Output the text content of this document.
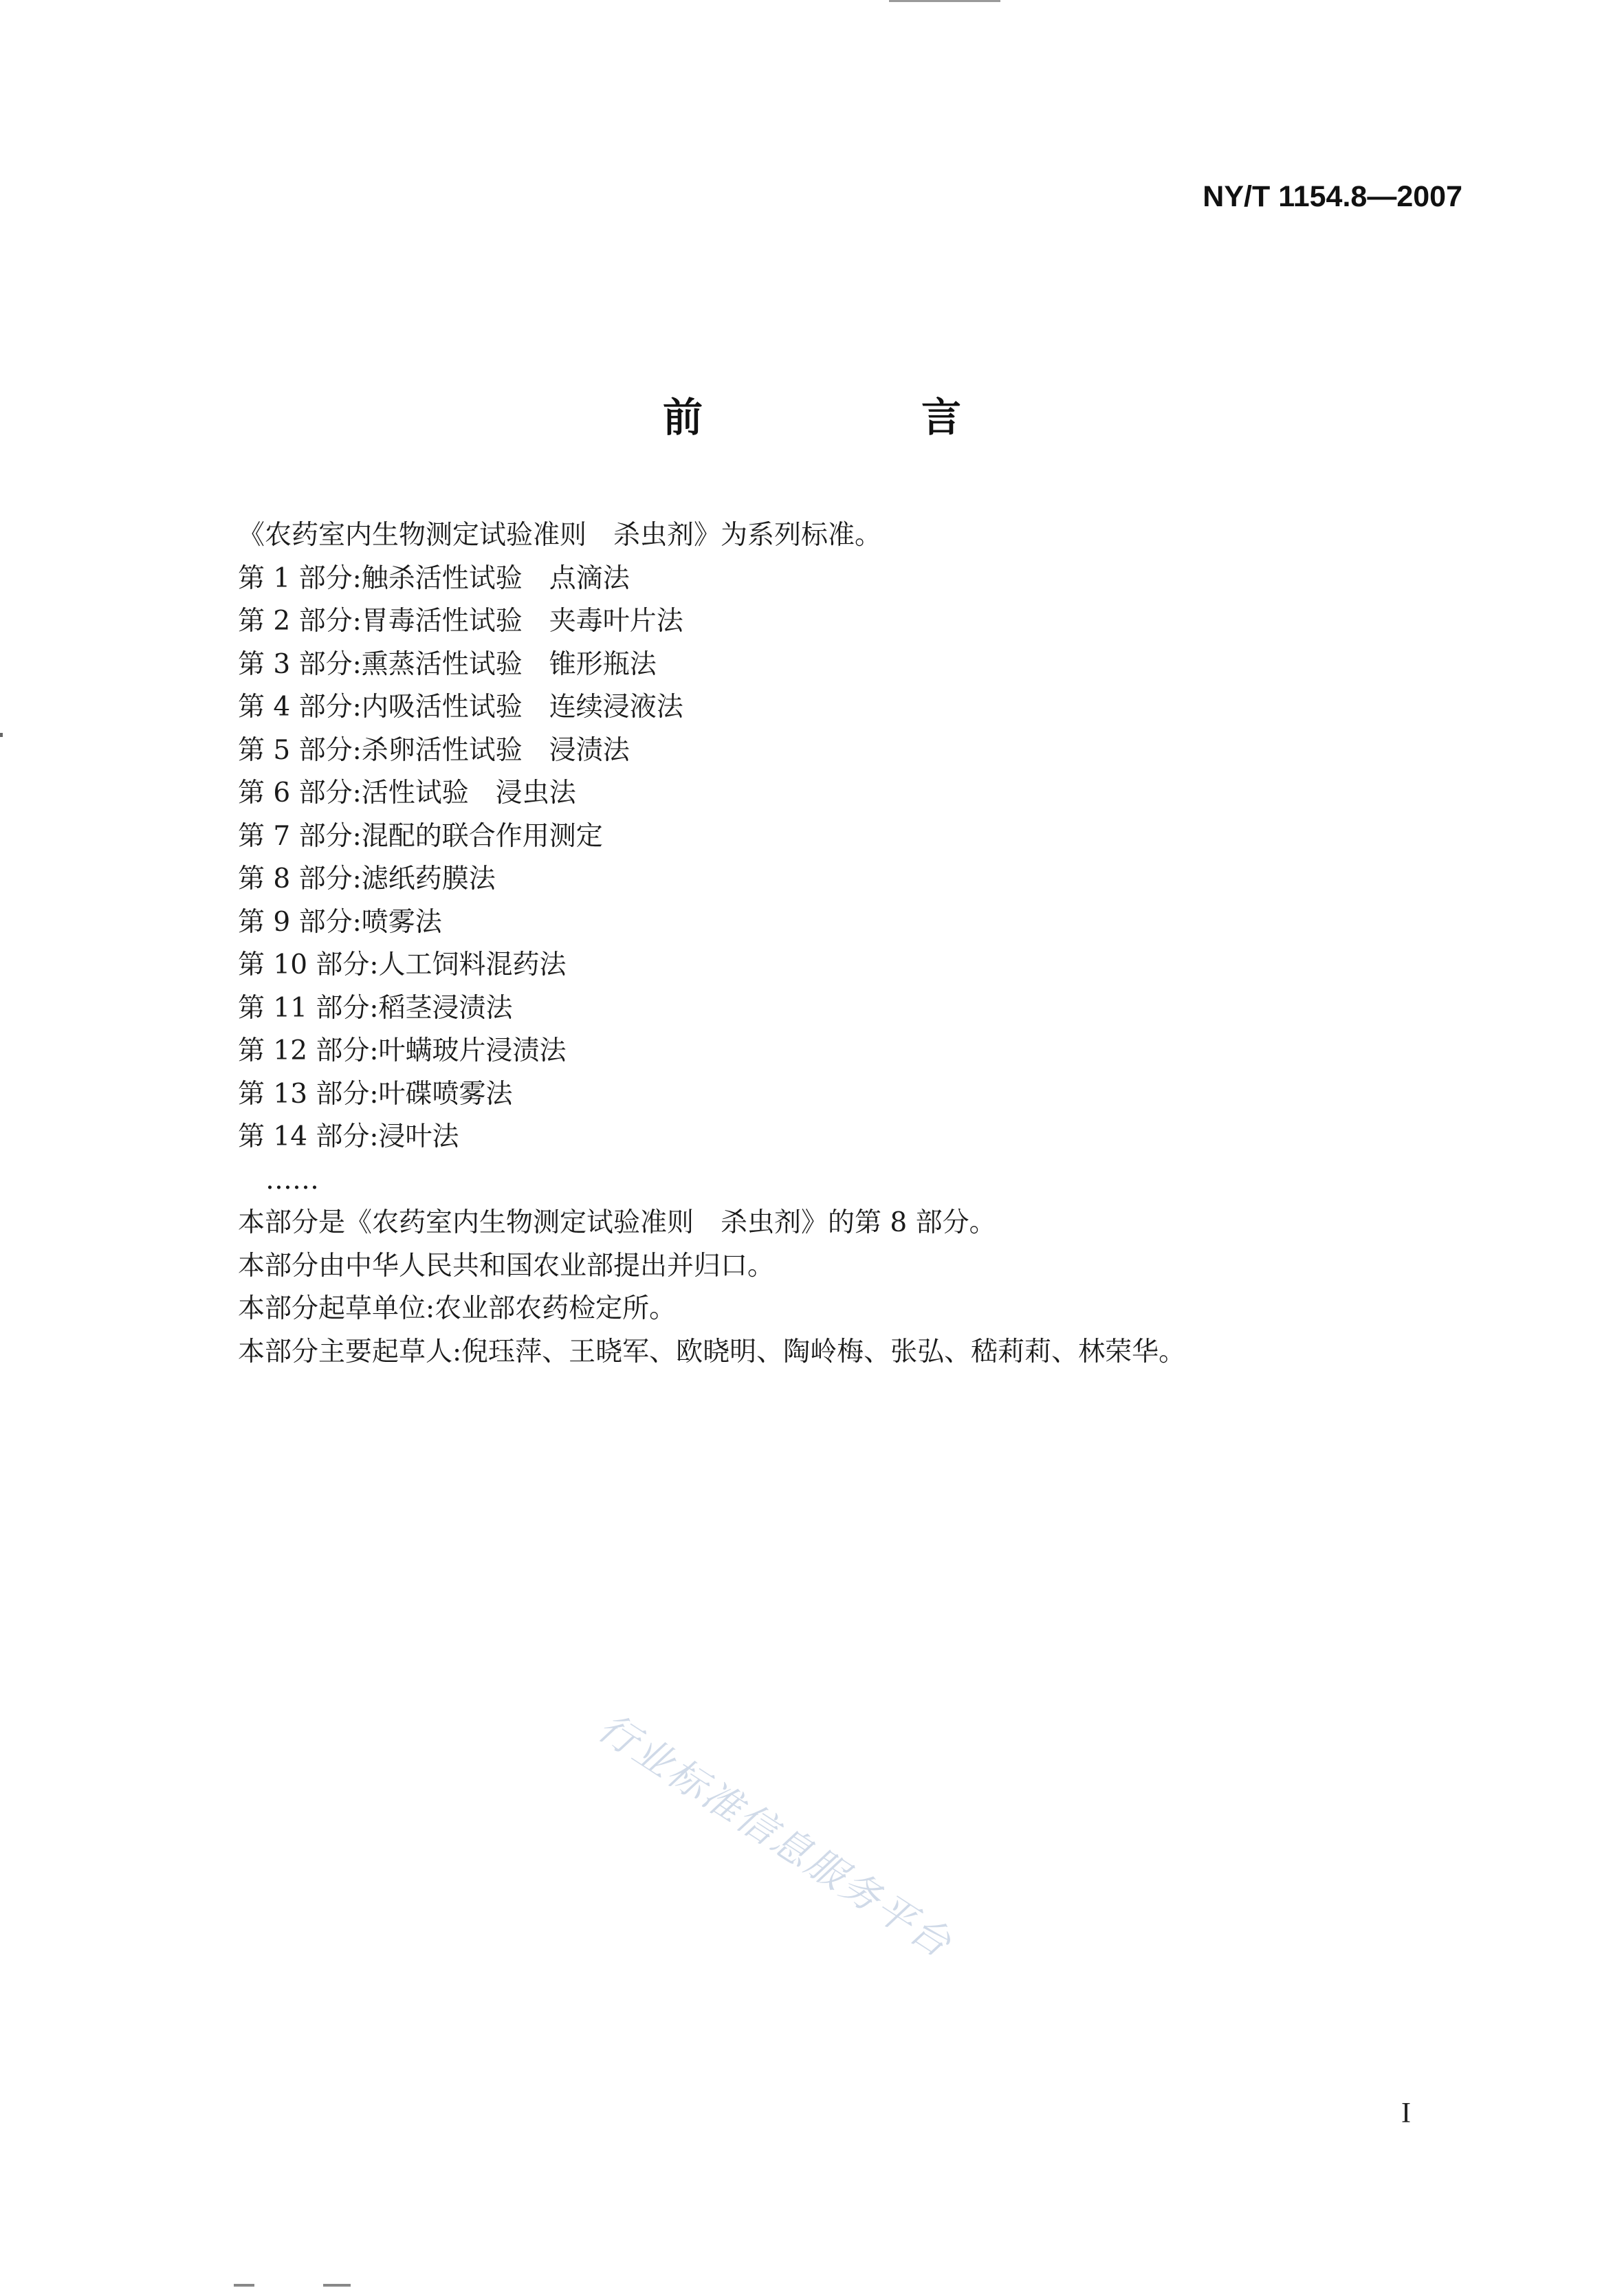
NY/T 1154.8—2007
前　言
《农药室内生物测定试验准则　杀虫剂》为系列标准。
第 1 部分:触杀活性试验　点滴法
第 2 部分:胃毒活性试验　夹毒叶片法
第 3 部分:熏蒸活性试验　锥形瓶法
第 4 部分:内吸活性试验　连续浸液法
第 5 部分:杀卵活性试验　浸渍法
第 6 部分:活性试验　浸虫法
第 7 部分:混配的联合作用测定
第 8 部分:滤纸药膜法
第 9 部分:喷雾法
第 10 部分:人工饲料混药法
第 11 部分:稻茎浸渍法
第 12 部分:叶螨玻片浸渍法
第 13 部分:叶碟喷雾法
第 14 部分:浸叶法
……
本部分是《农药室内生物测定试验准则　杀虫剂》的第 8 部分。
本部分由中华人民共和国农业部提出并归口。
本部分起草单位:农业部农药检定所。
本部分主要起草人:倪珏萍、王晓军、欧晓明、陶岭梅、张弘、嵇莉莉、林荣华。
行业标准信息服务平台
I
